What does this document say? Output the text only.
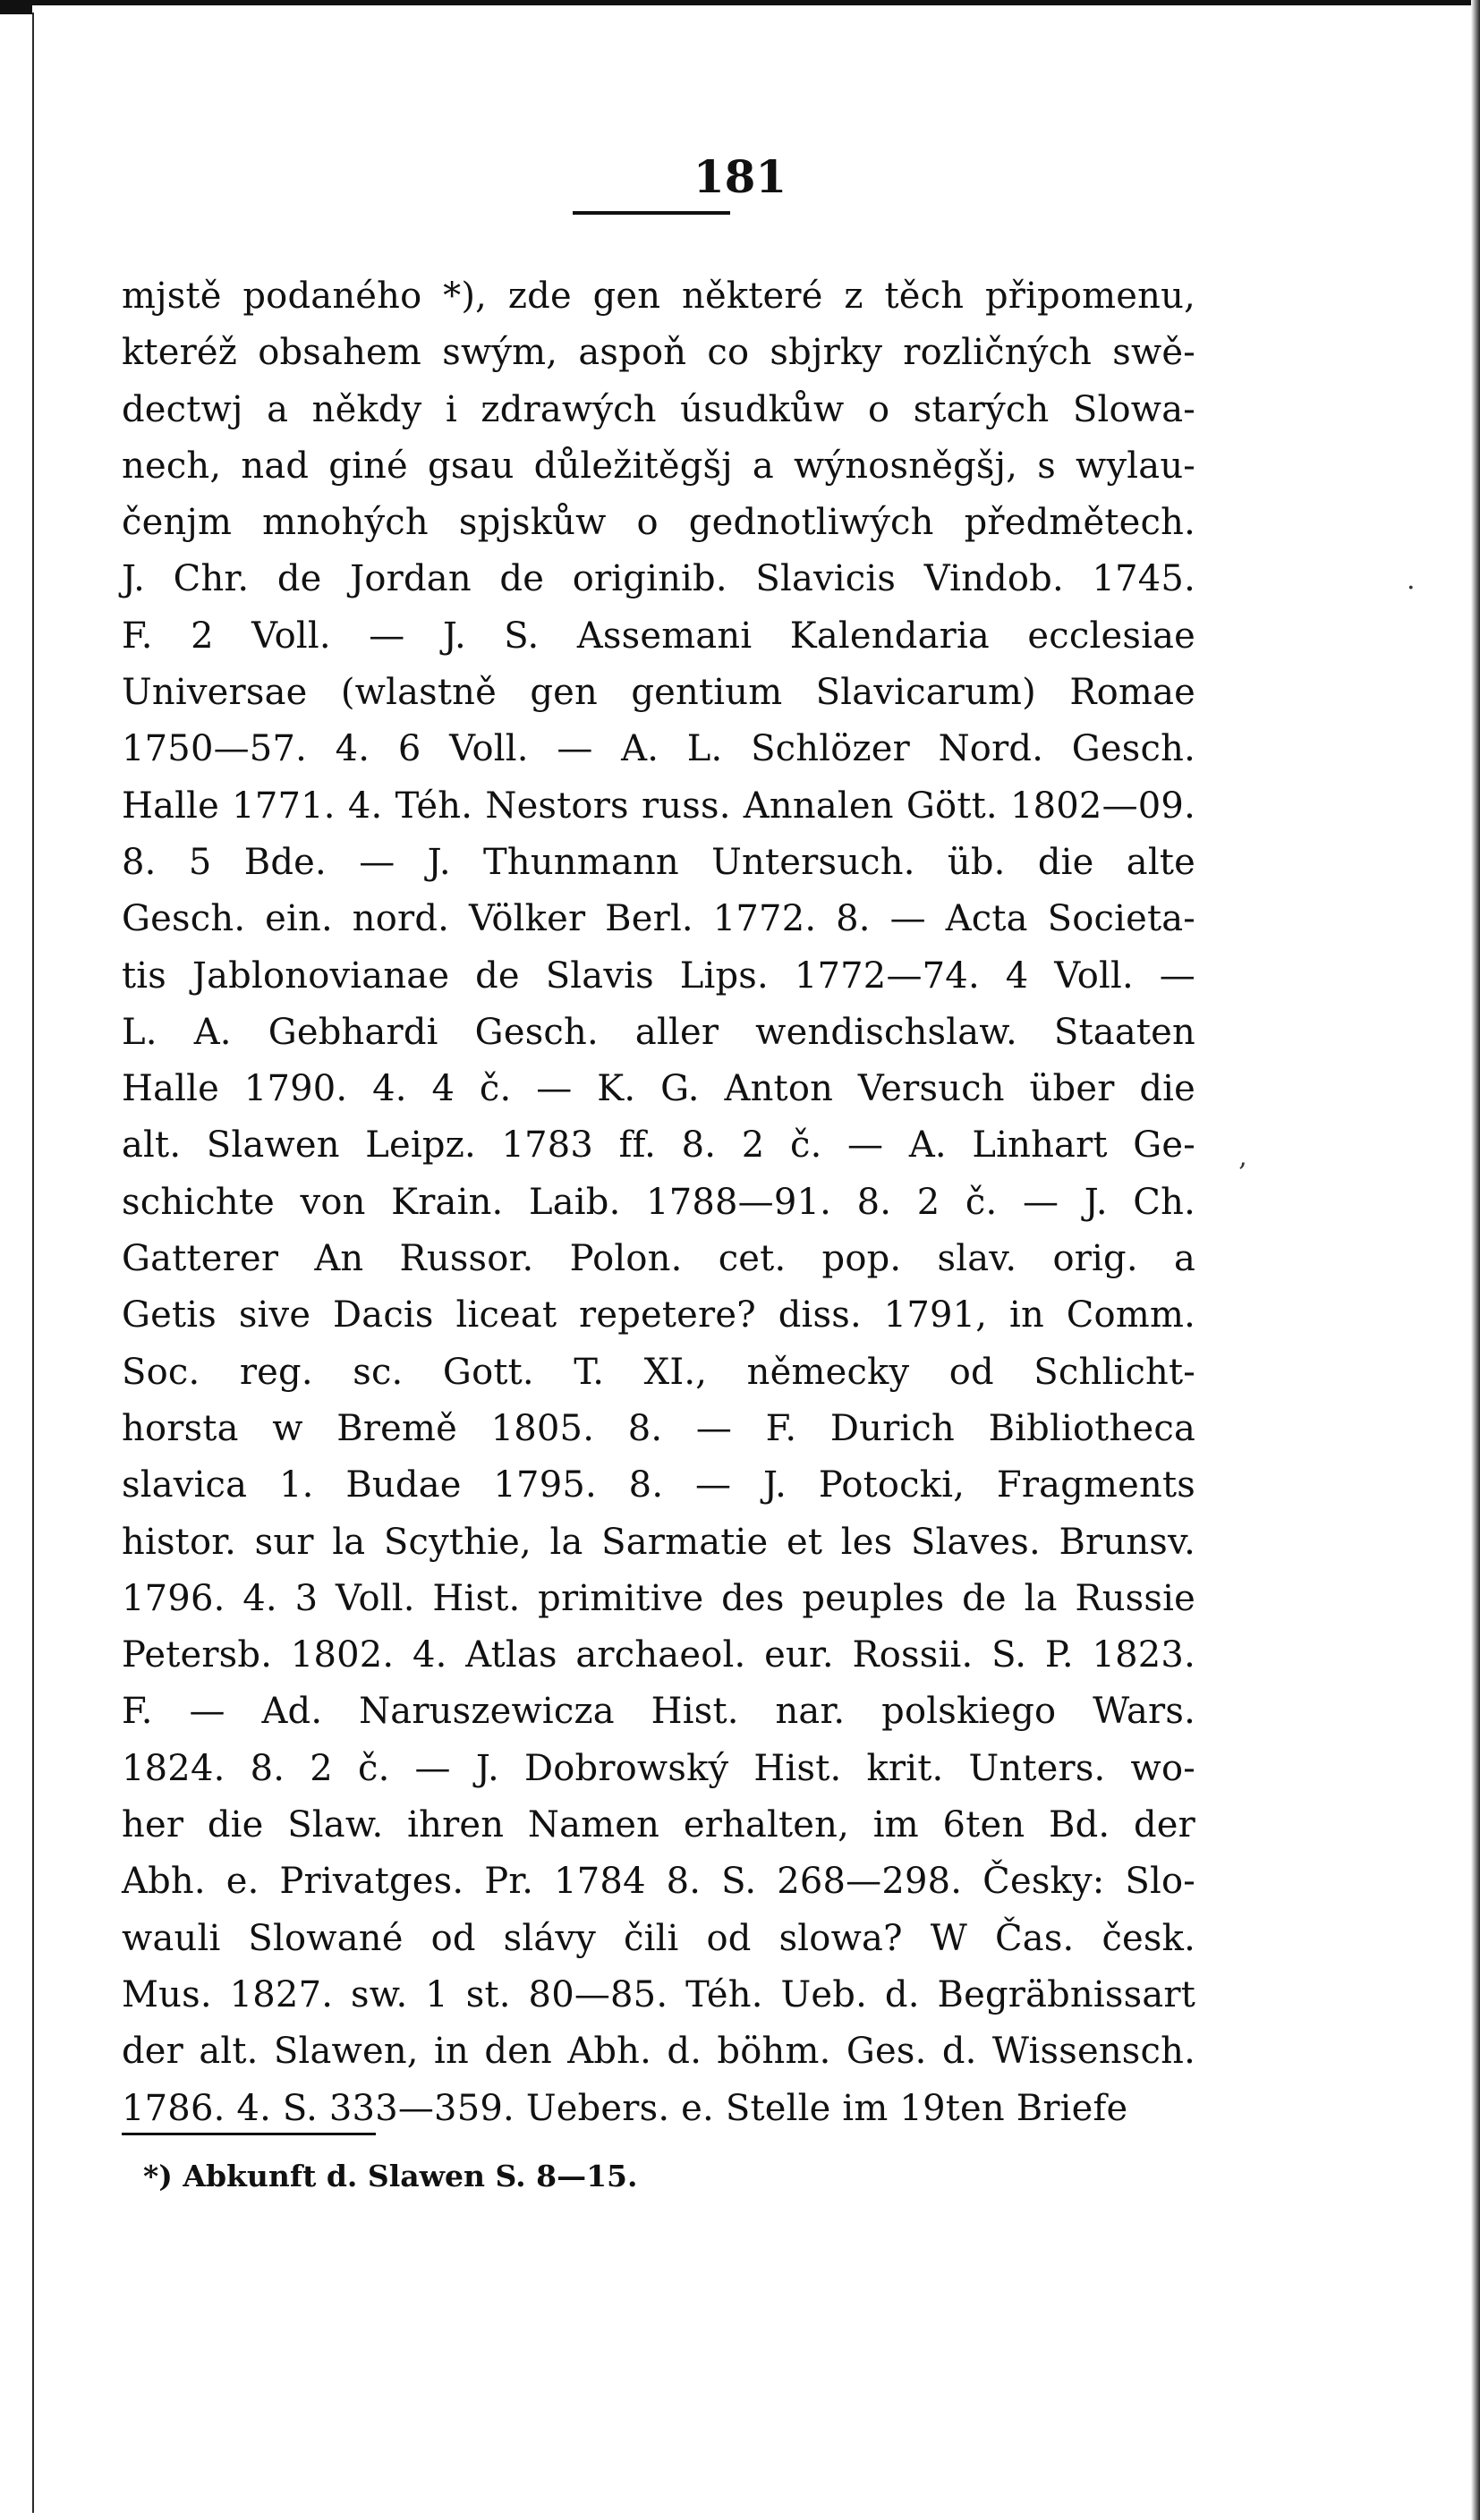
181
mjstě podaného *), zde gen některé z těch připomenu,
kteréž obsahem swým, aspoň co sbjrky rozličných swě-
dectwj a někdy i zdrawých úsudkůw o starých Slowa-
nech, nad giné gsau důležitěgšj a wýnosněgšj, s wylau-
čenjm mnohých spjskůw o gednotliwých předmětech.
J. Chr. de Jordan de originib. Slavicis Vindob. 1745.
F. 2 Voll. — J. S. Assemani Kalendaria ecclesiae
Universae (wlastně gen gentium Slavicarum) Romae
1750—57. 4. 6 Voll. — A. L. Schlözer Nord. Gesch.
Halle 1771. 4. Téh. Nestors russ. Annalen Gött. 1802—09.
8. 5 Bde. — J. Thunmann Untersuch. üb. die alte
Gesch. ein. nord. Völker Berl. 1772. 8. — Acta Societa-
tis Jablonovianae de Slavis Lips. 1772—74. 4 Voll. —
L. A. Gebhardi Gesch. aller wendischslaw. Staaten
Halle 1790. 4. 4 č. — K. G. Anton Versuch über die
alt. Slawen Leipz. 1783 ff. 8. 2 č. — A. Linhart Ge-
schichte von Krain. Laib. 1788—91. 8. 2 č. — J. Ch.
Gatterer An Russor. Polon. cet. pop. slav. orig. a
Getis sive Dacis liceat repetere? diss. 1791, in Comm.
Soc. reg. sc. Gott. T. XI., německy od Schlicht-
horsta w Bremě 1805. 8. — F. Durich Bibliotheca
slavica 1. Budae 1795. 8. — J. Potocki, Fragments
histor. sur la Scythie, la Sarmatie et les Slaves. Brunsv.
1796. 4. 3 Voll. Hist. primitive des peuples de la Russie
Petersb. 1802. 4. Atlas archaeol. eur. Rossii. S. P. 1823.
F. — Ad. Naruszewicza Hist. nar. polskiego Wars.
1824. 8. 2 č. — J. Dobrowský Hist. krit. Unters. wo-
her die Slaw. ihren Namen erhalten, im 6ten Bd. der
Abh. e. Privatges. Pr. 1784 8. S. 268—298. Česky: Slo-
wauli Slowané od slávy čili od slowa? W Čas. česk.
Mus. 1827. sw. 1 st. 80—85. Téh. Ueb. d. Begräbnissart
der alt. Slawen, in den Abh. d. böhm. Ges. d. Wissensch.
1786. 4. S. 333—359. Uebers. e. Stelle im 19ten Briefe
*) Abkunft d. Slawen S. 8—15.
·
‚
